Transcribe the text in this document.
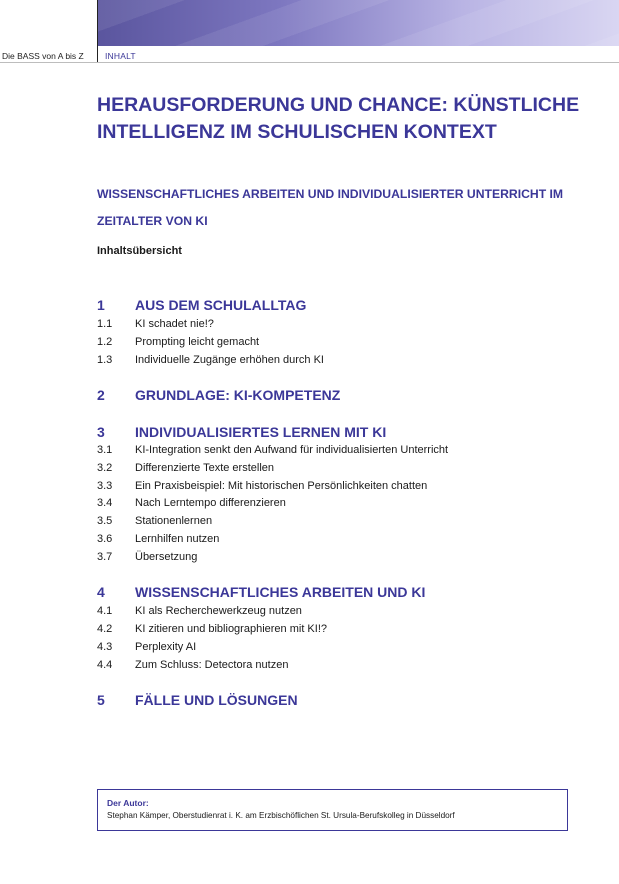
Die BASS von A bis Z	INHALT
HERAUSFORDERUNG UND CHANCE: KÜNSTLICHE INTELLIGENZ IM SCHULISCHEN KONTEXT
WISSENSCHAFTLICHES ARBEITEN UND INDIVIDUALISIERTER UNTERRICHT IM ZEITALTER VON KI
Inhaltsübersicht
1 AUS DEM SCHULALLTAG
1.1 KI schadet nie!?
1.2 Prompting leicht gemacht
1.3 Individuelle Zugänge erhöhen durch KI
2 GRUNDLAGE: KI-KOMPETENZ
3 INDIVIDUALISIERTES LERNEN MIT KI
3.1 KI-Integration senkt den Aufwand für individualisierten Unterricht
3.2 Differenzierte Texte erstellen
3.3 Ein Praxisbeispiel: Mit historischen Persönlichkeiten chatten
3.4 Nach Lerntempo differenzieren
3.5 Stationenlernen
3.6 Lernhilfen nutzen
3.7 Übersetzung
4 WISSENSCHAFTLICHES ARBEITEN UND KI
4.1 KI als Recherchewerkzeug nutzen
4.2 KI zitieren und bibliographieren mit KI!?
4.3 Perplexity AI
4.4 Zum Schluss: Detectora nutzen
5 FÄLLE UND LÖSUNGEN
Der Autor:
Stephan Kämper, Oberstudienrat i. K. am Erzbischöflichen St. Ursula-Berufskolleg in Düsseldorf
